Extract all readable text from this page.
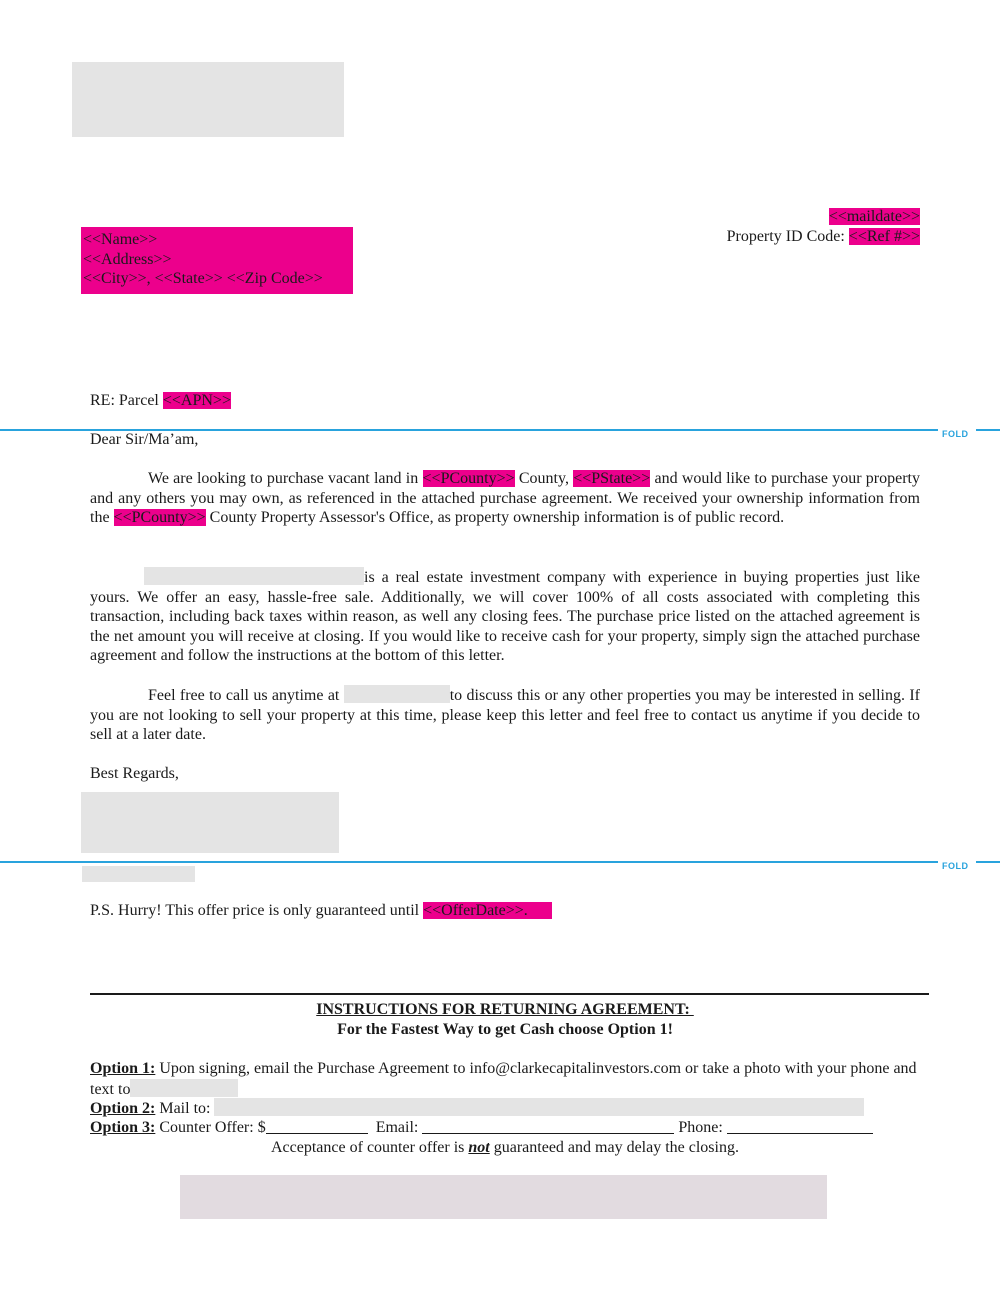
<<maildate>>
Property ID Code: <<Ref #>>
<<Name>>
<<Address>>
<<City>>, <<State>> <<Zip Code>>
RE: Parcel <<APN>>
FOLD
Dear Sir/Ma’am,
We are looking to purchase vacant land in <<PCounty>> County, <<PState>> and would like to purchase your property and any others you may own, as referenced in the attached purchase agreement. We received your ownership information from the <<PCounty>> County Property Assessor's Office, as property ownership information is of public record.
is a real estate investment company with experience in buying properties just like yours. We offer an easy, hassle-free sale. Additionally, we will cover 100% of all costs associated with completing this transaction, including back taxes within reason, as well any closing fees. The purchase price listed on the attached agreement is the net amount you will receive at closing. If you would like to receive cash for your property, simply sign the attached purchase agreement and follow the instructions at the bottom of this letter.
Feel free to call us anytime at	to discuss this or any other properties you may be interested in selling. If you are not looking to sell your property at this time, please keep this letter and feel free to contact us anytime if you decide to sell at a later date.
Best Regards,
FOLD
P.S. Hurry! This offer price is only guaranteed until <<OfferDate>>.
INSTRUCTIONS FOR RETURNING AGREEMENT:
For the Fastest Way to get Cash choose Option 1!
Option 1: Upon signing, email the Purchase Agreement to info@clarkecapitalinvestors.com or take a photo with your phone and text to
Option 2: Mail to:
Option 3: Counter Offer: $	Email:	Phone:
Acceptance of counter offer is not guaranteed and may delay the closing.
